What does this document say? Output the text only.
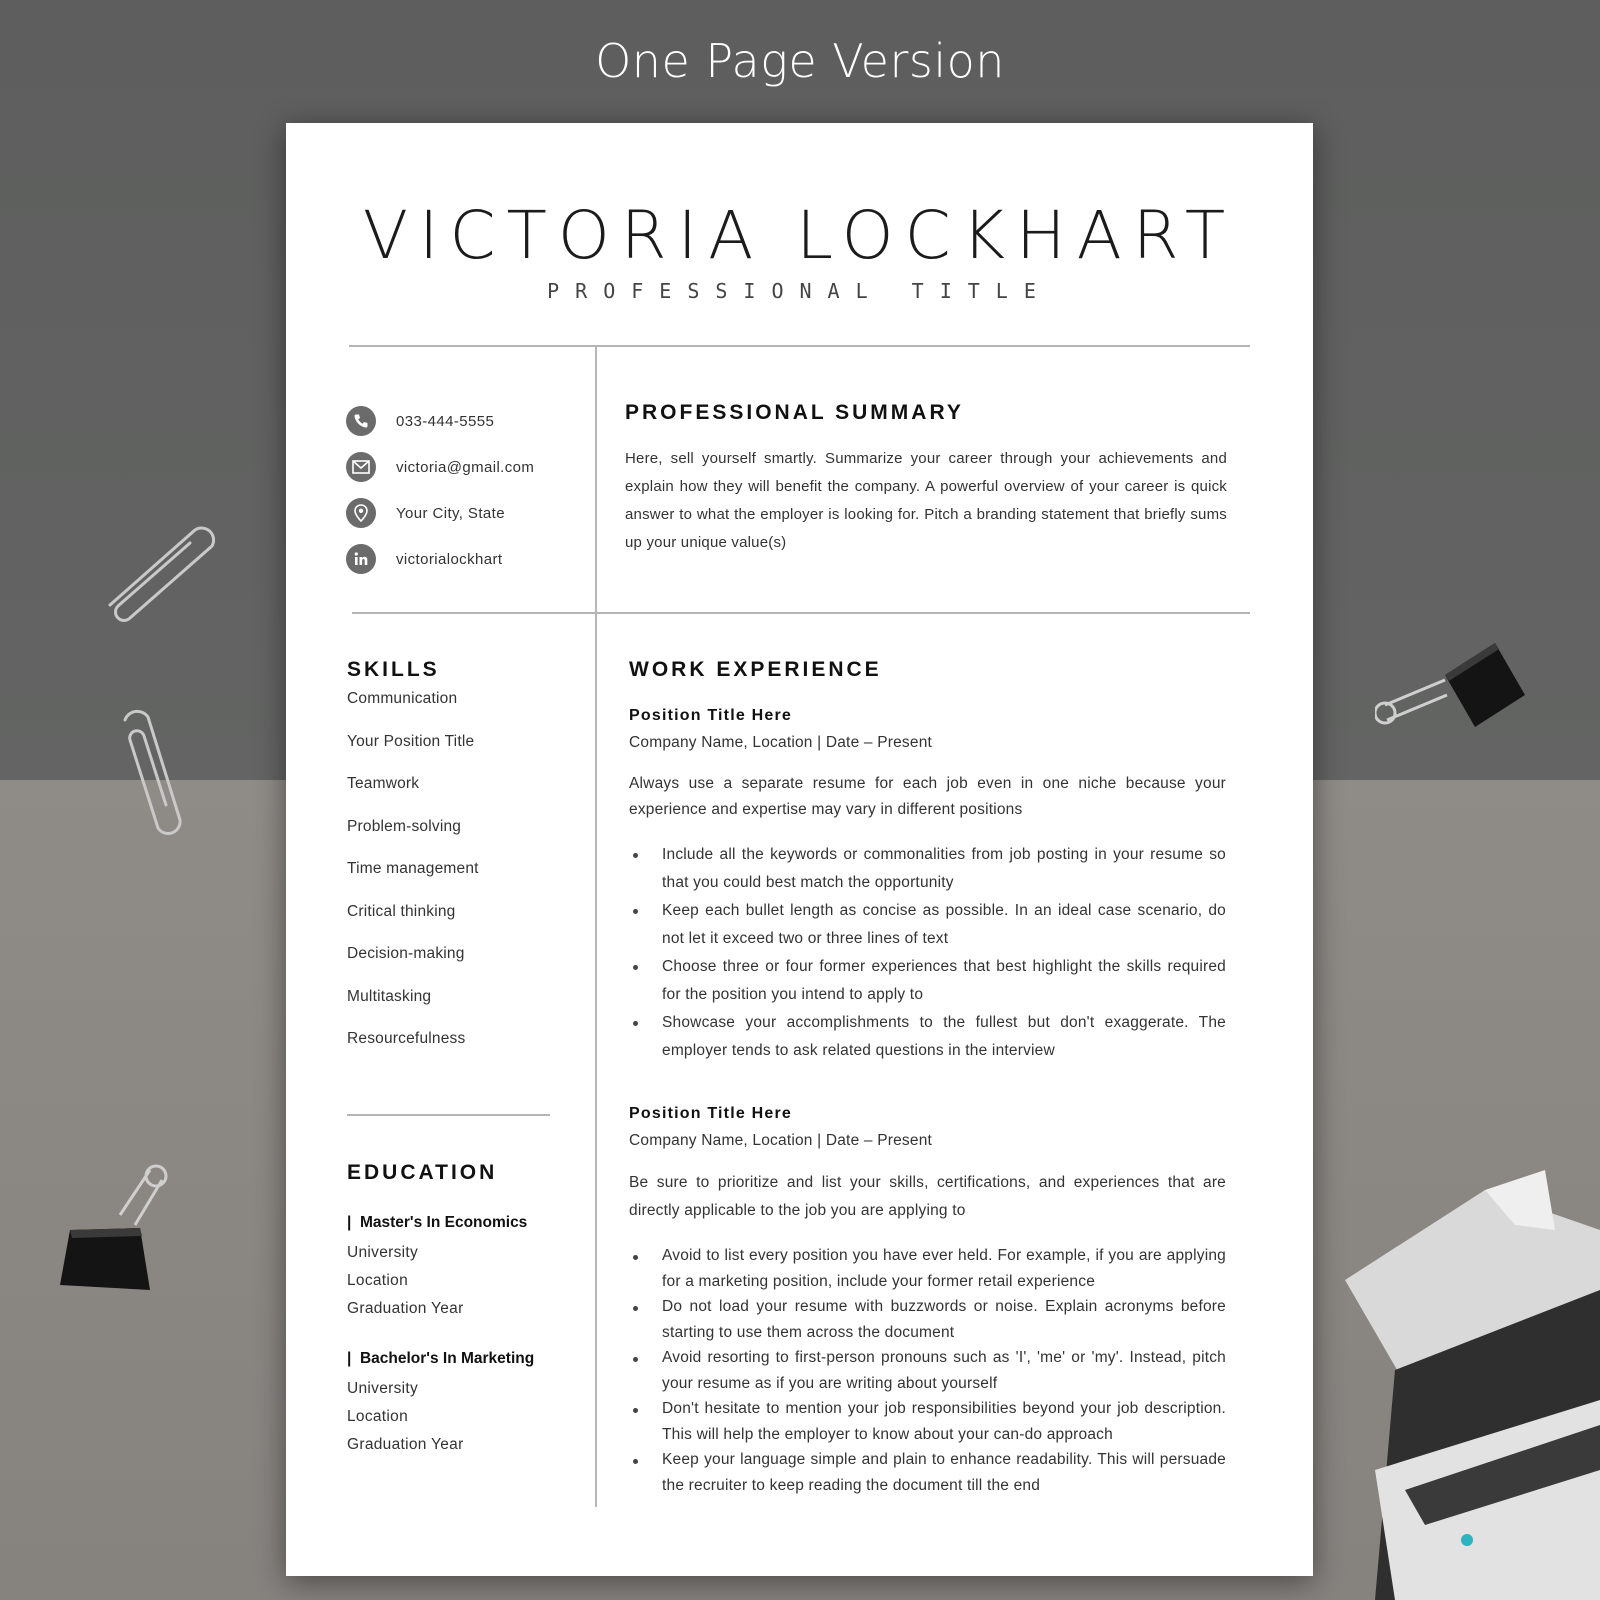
One Page Version
VICTORIA LOCKHART
PROFESSIONAL TITLE
033-444-5555
victoria@gmail.com
Your City, State
victorialockhart
PROFESSIONAL SUMMARY
Here, sell yourself smartly. Summarize your career through your achievements and explain how they will benefit the company. A powerful overview of your career is quick answer to what the employer is looking for. Pitch a branding statement that briefly sums up your unique value(s)
SKILLS
Communication
Your Position Title
Teamwork
Problem-solving
Time management
Critical thinking
Decision-making
Multitasking
Resourcefulness
EDUCATION
|  Master's In Economics
University
Location
Graduation Year
|  Bachelor's In Marketing
University
Location
Graduation Year
WORK EXPERIENCE
Position Title Here
Company Name, Location | Date – Present
Always use a separate resume for each job even in one niche because your experience and expertise may vary in different positions
Include all the keywords or commonalities from job posting in your resume so that you could best match the opportunity
Keep each bullet length as concise as possible. In an ideal case scenario, do not let it exceed two or three lines of text
Choose three or four former experiences that best highlight the skills required for the position you intend to apply to
Showcase your accomplishments to the fullest but don't exaggerate. The employer tends to ask related questions in the interview
Position Title Here
Company Name, Location | Date – Present
Be sure to prioritize and list your skills, certifications, and experiences that are directly applicable to the job you are applying to
Avoid to list every position you have ever held. For example, if you are applying for a marketing position, include your former retail experience
Do not load your resume with buzzwords or noise. Explain acronyms before starting to use them across the document
Avoid resorting to first-person pronouns such as 'I', 'me' or 'my'. Instead, pitch your resume as if you are writing about yourself
Don't hesitate to mention your job responsibilities beyond your job description. This will help the employer to know about your can-do approach
Keep your language simple and plain to enhance readability. This will persuade the recruiter to keep reading the document till the end
